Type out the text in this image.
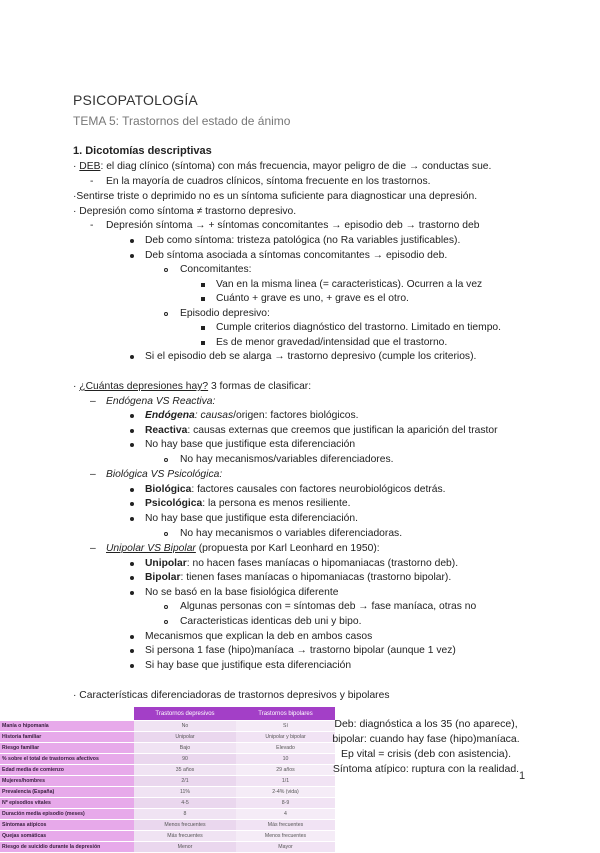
PSICOPATOLOGÍA
TEMA 5: Trastornos del estado de ánimo
1. Dicotomías descriptivas
· DEB: el diag clínico (síntoma) con más frecuencia, mayor peligro de die → conductas sue.
- En la mayoría de cuadros clínicos, síntoma frecuente en los trastornos.
·Sentirse triste o deprimido no es un síntoma suficiente para diagnosticar una depresión.
· Depresión como síntoma ≠ trastorno depresivo.
- Depresión síntoma → + síntomas concomitantes → episodio deb → trastorno deb
Deb como síntoma: tristeza patológica (no Ra variables justificables).
Deb síntoma asociada a síntomas concomitantes → episodio deb.
Concomitantes:
Van en la misma linea (= caracteristicas). Ocurren a la vez
Cuánto + grave es uno, + grave es el otro.
Episodio depresivo:
Cumple criterios diagnóstico del trastorno. Limitado en tiempo.
Es de menor gravedad/intensidad que el trastorno.
Si el episodio deb se alarga → trastorno depresivo (cumple los criterios).
· ¿Cuántas depresiones hay? 3 formas de clasificar:
– Endógena VS Reactiva:
Endógena: causas/origen: factores biológicos.
Reactiva: causas externas que creemos que justifican la aparición del trastor
No hay base que justifique esta diferenciación
No hay mecanismos/variables diferenciadores.
– Biológica VS Psicológica:
Biológica: factores causales con factores neurobiológicos detrás.
Psicológica: la persona es menos resiliente.
No hay base que justifique esta diferenciación.
No hay mecanismos o variables diferenciadoras.
– Unipolar VS Bipolar (propuesta por Karl Leonhard en 1950):
Unipolar: no hacen fases maníacas o hipomaniacas (trastorno deb).
Bipolar: tienen fases maníacas o hipomaniacas (trastorno bipolar).
No se basó en la base fisiológica diferente
Algunas personas con = síntomas deb → fase maníaca, otras no
Caracteristicas identicas deb uni y bipo.
Mecanismos que explican la deb en ambos casos
Si persona 1 fase (hipo)maníaca → trastorno bipolar (aunque 1 vez)
Si hay base que justifique esta diferenciación
· Características diferenciadoras de trastornos depresivos y bipolares
	Trastornos depresivos	Trastornos bipolares
Manía o hipomanía	No	Sí
Historia familiar	Unipolar	Unipolar y bipolar
Riesgo familiar	Bajo	Elevado
% sobre el total de trastornos afectivos	90	10
Edad media de comienzo	35 años	29 años
Mujeres/hombres	2/1	1/1
Prevalencia (España)	11%	2-4% (vida)
Nº episodios vitales	4-5	8-9
Duración media episodio (meses)	8	4
Síntomas atípicos	Menos frecuentes	Más frecuentes
Quejas somáticas	Más frecuentes	Menos frecuentes
Riesgo de suicidio durante la depresión	Menor	Mayor
Deb: diagnóstica a los 35 (no aparece),
bipolar: cuando hay fase (hipo)maníaca.
Ep vital = crisis (deb con asistencia).
Síntoma atípico: ruptura con la realidad.
1
